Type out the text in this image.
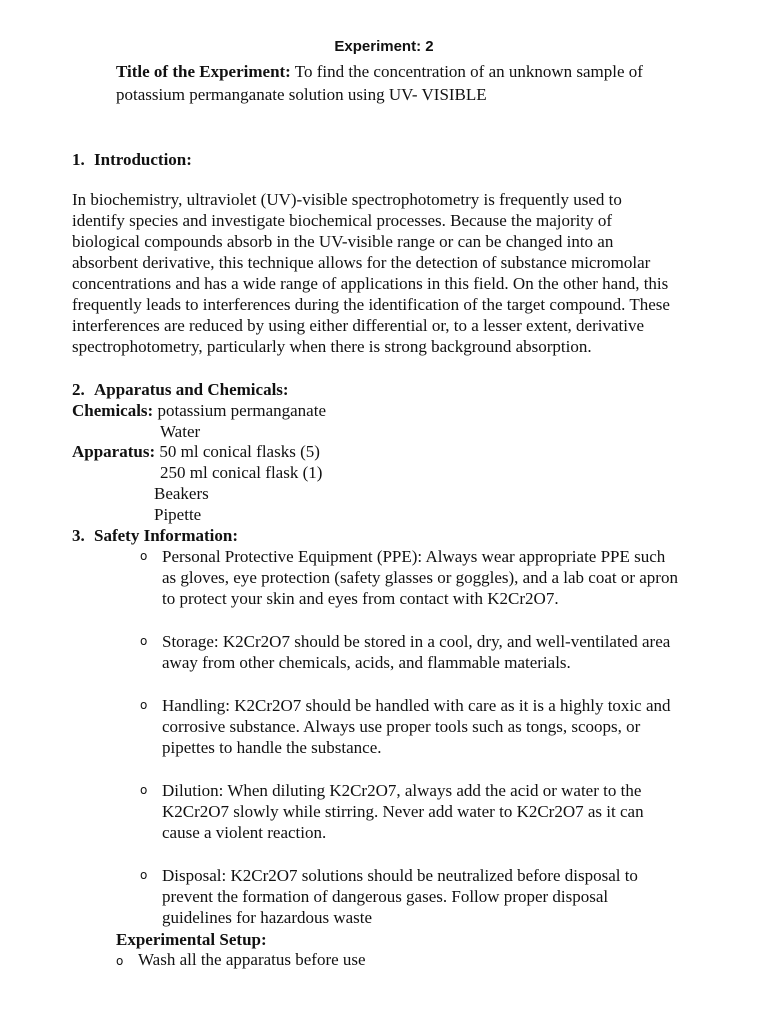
Experiment: 2
Title of the Experiment: To find the concentration of an unknown sample of
potassium permanganate solution using UV- VISIBLE
1. Introduction:
In biochemistry, ultraviolet (UV)-visible spectrophotometry is frequently used to
identify species and investigate biochemical processes. Because the majority of
biological compounds absorb in the UV-visible range or can be changed into an
absorbent derivative, this technique allows for the detection of substance micromolar
concentrations and has a wide range of applications in this field. On the other hand, this
frequently leads to interferences during the identification of the target compound. These
interferences are reduced by using either differential or, to a lesser extent, derivative
spectrophotometry, particularly when there is strong background absorption.
2. Apparatus and Chemicals:
Chemicals: potassium permanganate
Water
Apparatus: 50 ml conical flasks (5)
250 ml conical flask (1)
Beakers
Pipette
3. Safety Information:
o Personal Protective Equipment (PPE): Always wear appropriate PPE such
as gloves, eye protection (safety glasses or goggles), and a lab coat or apron
to protect your skin and eyes from contact with K2Cr2O7.
o Storage: K2Cr2O7 should be stored in a cool, dry, and well-ventilated area
away from other chemicals, acids, and flammable materials.
o Handling: K2Cr2O7 should be handled with care as it is a highly toxic and
corrosive substance. Always use proper tools such as tongs, scoops, or
pipettes to handle the substance.
o Dilution: When diluting K2Cr2O7, always add the acid or water to the
K2Cr2O7 slowly while stirring. Never add water to K2Cr2O7 as it can
cause a violent reaction.
o Disposal: K2Cr2O7 solutions should be neutralized before disposal to
prevent the formation of dangerous gases. Follow proper disposal
guidelines for hazardous waste
Experimental Setup:
o Wash all the apparatus before use
